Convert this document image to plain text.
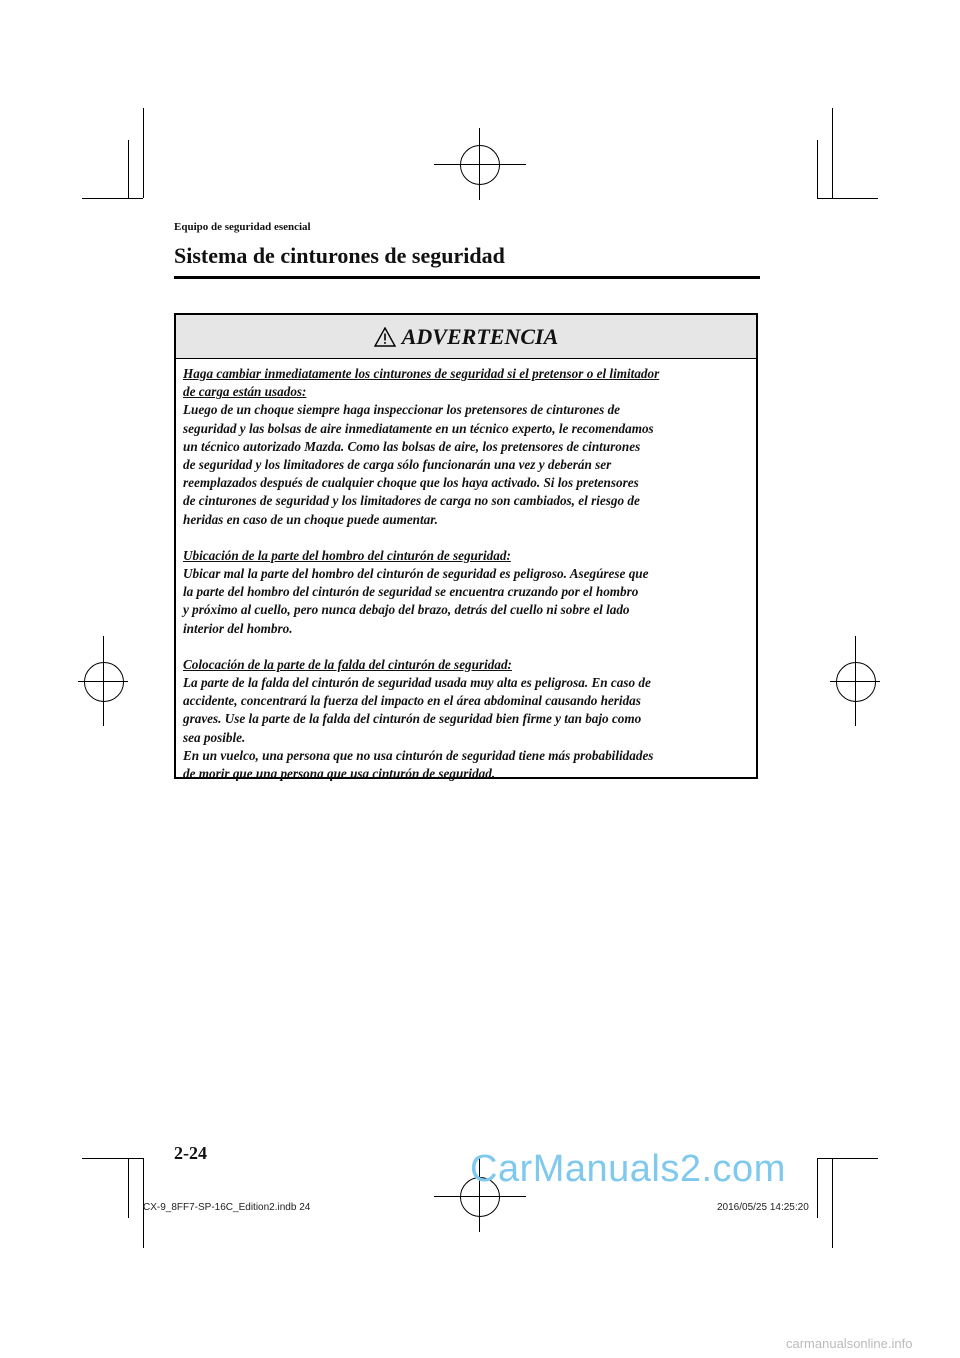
Equipo de seguridad esencial
Sistema de cinturones de seguridad
ADVERTENCIA

Haga cambiar inmediatamente los cinturones de seguridad si el pretensor o el limitador

de carga están usados:

Luego de un choque siempre haga inspeccionar los pretensores de cinturones de

seguridad y las bolsas de aire inmediatamente en un técnico experto, le recomendamos

un técnico autorizado Mazda. Como las bolsas de aire, los pretensores de cinturones

de seguridad y los limitadores de carga sólo funcionarán una vez y deberán ser

reemplazados después de cualquier choque que los haya activado. Si los pretensores

de cinturones de seguridad y los limitadores de carga no son cambiados, el riesgo de

heridas en caso de un choque puede aumentar.

Ubicación de la parte del hombro del cinturón de seguridad:

Ubicar mal la parte del hombro del cinturón de seguridad es peligroso. Asegúrese que

la parte del hombro del cinturón de seguridad se encuentra cruzando por el hombro

y próximo al cuello, pero nunca debajo del brazo, detrás del cuello ni sobre el lado

interior del hombro.

Colocación de la parte de la falda del cinturón de seguridad:

La parte de la falda del cinturón de seguridad usada muy alta es peligrosa. En caso de

accidente, concentrará la fuerza del impacto en el área abdominal causando heridas

graves. Use la parte de la falda del cinturón de seguridad bien firme y tan bajo como

sea posible.

En un vuelco, una persona que no usa cinturón de seguridad tiene más probabilidades

de morir que una persona que usa cinturón de seguridad.

2-24	CarManuals2.com
CX-9_8FF7-SP-16C_Edition2.indb 24	2016/05/25 14:25:20
carmanualsonline.info
